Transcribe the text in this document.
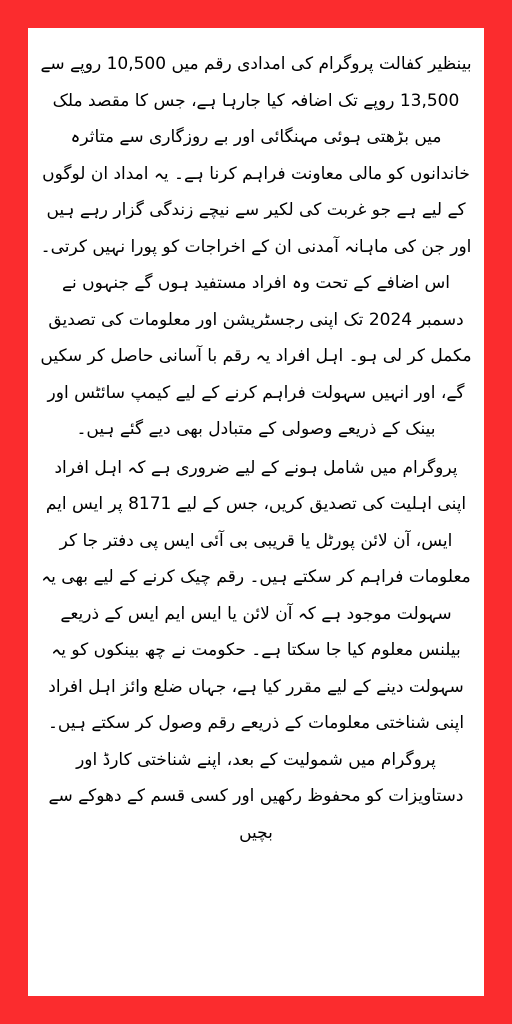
بینظیر کفالت پروگرام کی امدادی رقم میں 10,500 روپے سے 13,500 روپے تک اضافہ کیا جارہا ہے، جس کا مقصد ملک میں بڑھتی ہوئی مہنگائی اور بے روزگاری سے متاثرہ خاندانوں کو مالی معاونت فراہم کرنا ہے۔ یہ امداد ان لوگوں کے لیے ہے جو غربت کی لکیر سے نیچے زندگی گزار رہے ہیں اور جن کی ماہانہ آمدنی ان کے اخراجات کو پورا نہیں کرتی۔ اس اضافے کے تحت وہ افراد مستفید ہوں گے جنہوں نے دسمبر 2024 تک اپنی رجسٹریشن اور معلومات کی تصدیق مکمل کر لی ہو۔ اہل افراد یہ رقم با آسانی حاصل کر سکیں گے، اور انہیں سہولت فراہم کرنے کے لیے کیمپ سائٹس اور بینک کے ذریعے وصولی کے متبادل بھی دیے گئے ہیں۔

پروگرام میں شامل ہونے کے لیے ضروری ہے کہ اہل افراد اپنی اہلیت کی تصدیق کریں، جس کے لیے 8171 پر ایس ایم ایس، آن لائن پورٹل یا قریبی بی آئی ایس پی دفتر جا کر معلومات فراہم کر سکتے ہیں۔ رقم چیک کرنے کے لیے بھی یہ سہولت موجود ہے کہ آن لائن یا ایس ایم ایس کے ذریعے بیلنس معلوم کیا جا سکتا ہے۔ حکومت نے چھ بینکوں کو یہ سہولت دینے کے لیے مقرر کیا ہے، جہاں ضلع وائز اہل افراد اپنی شناختی معلومات کے ذریعے رقم وصول کر سکتے ہیں۔ پروگرام میں شمولیت کے بعد، اپنے شناختی کارڈ اور دستاویزات کو محفوظ رکھیں اور کسی قسم کے دھوکے سے بچیں
